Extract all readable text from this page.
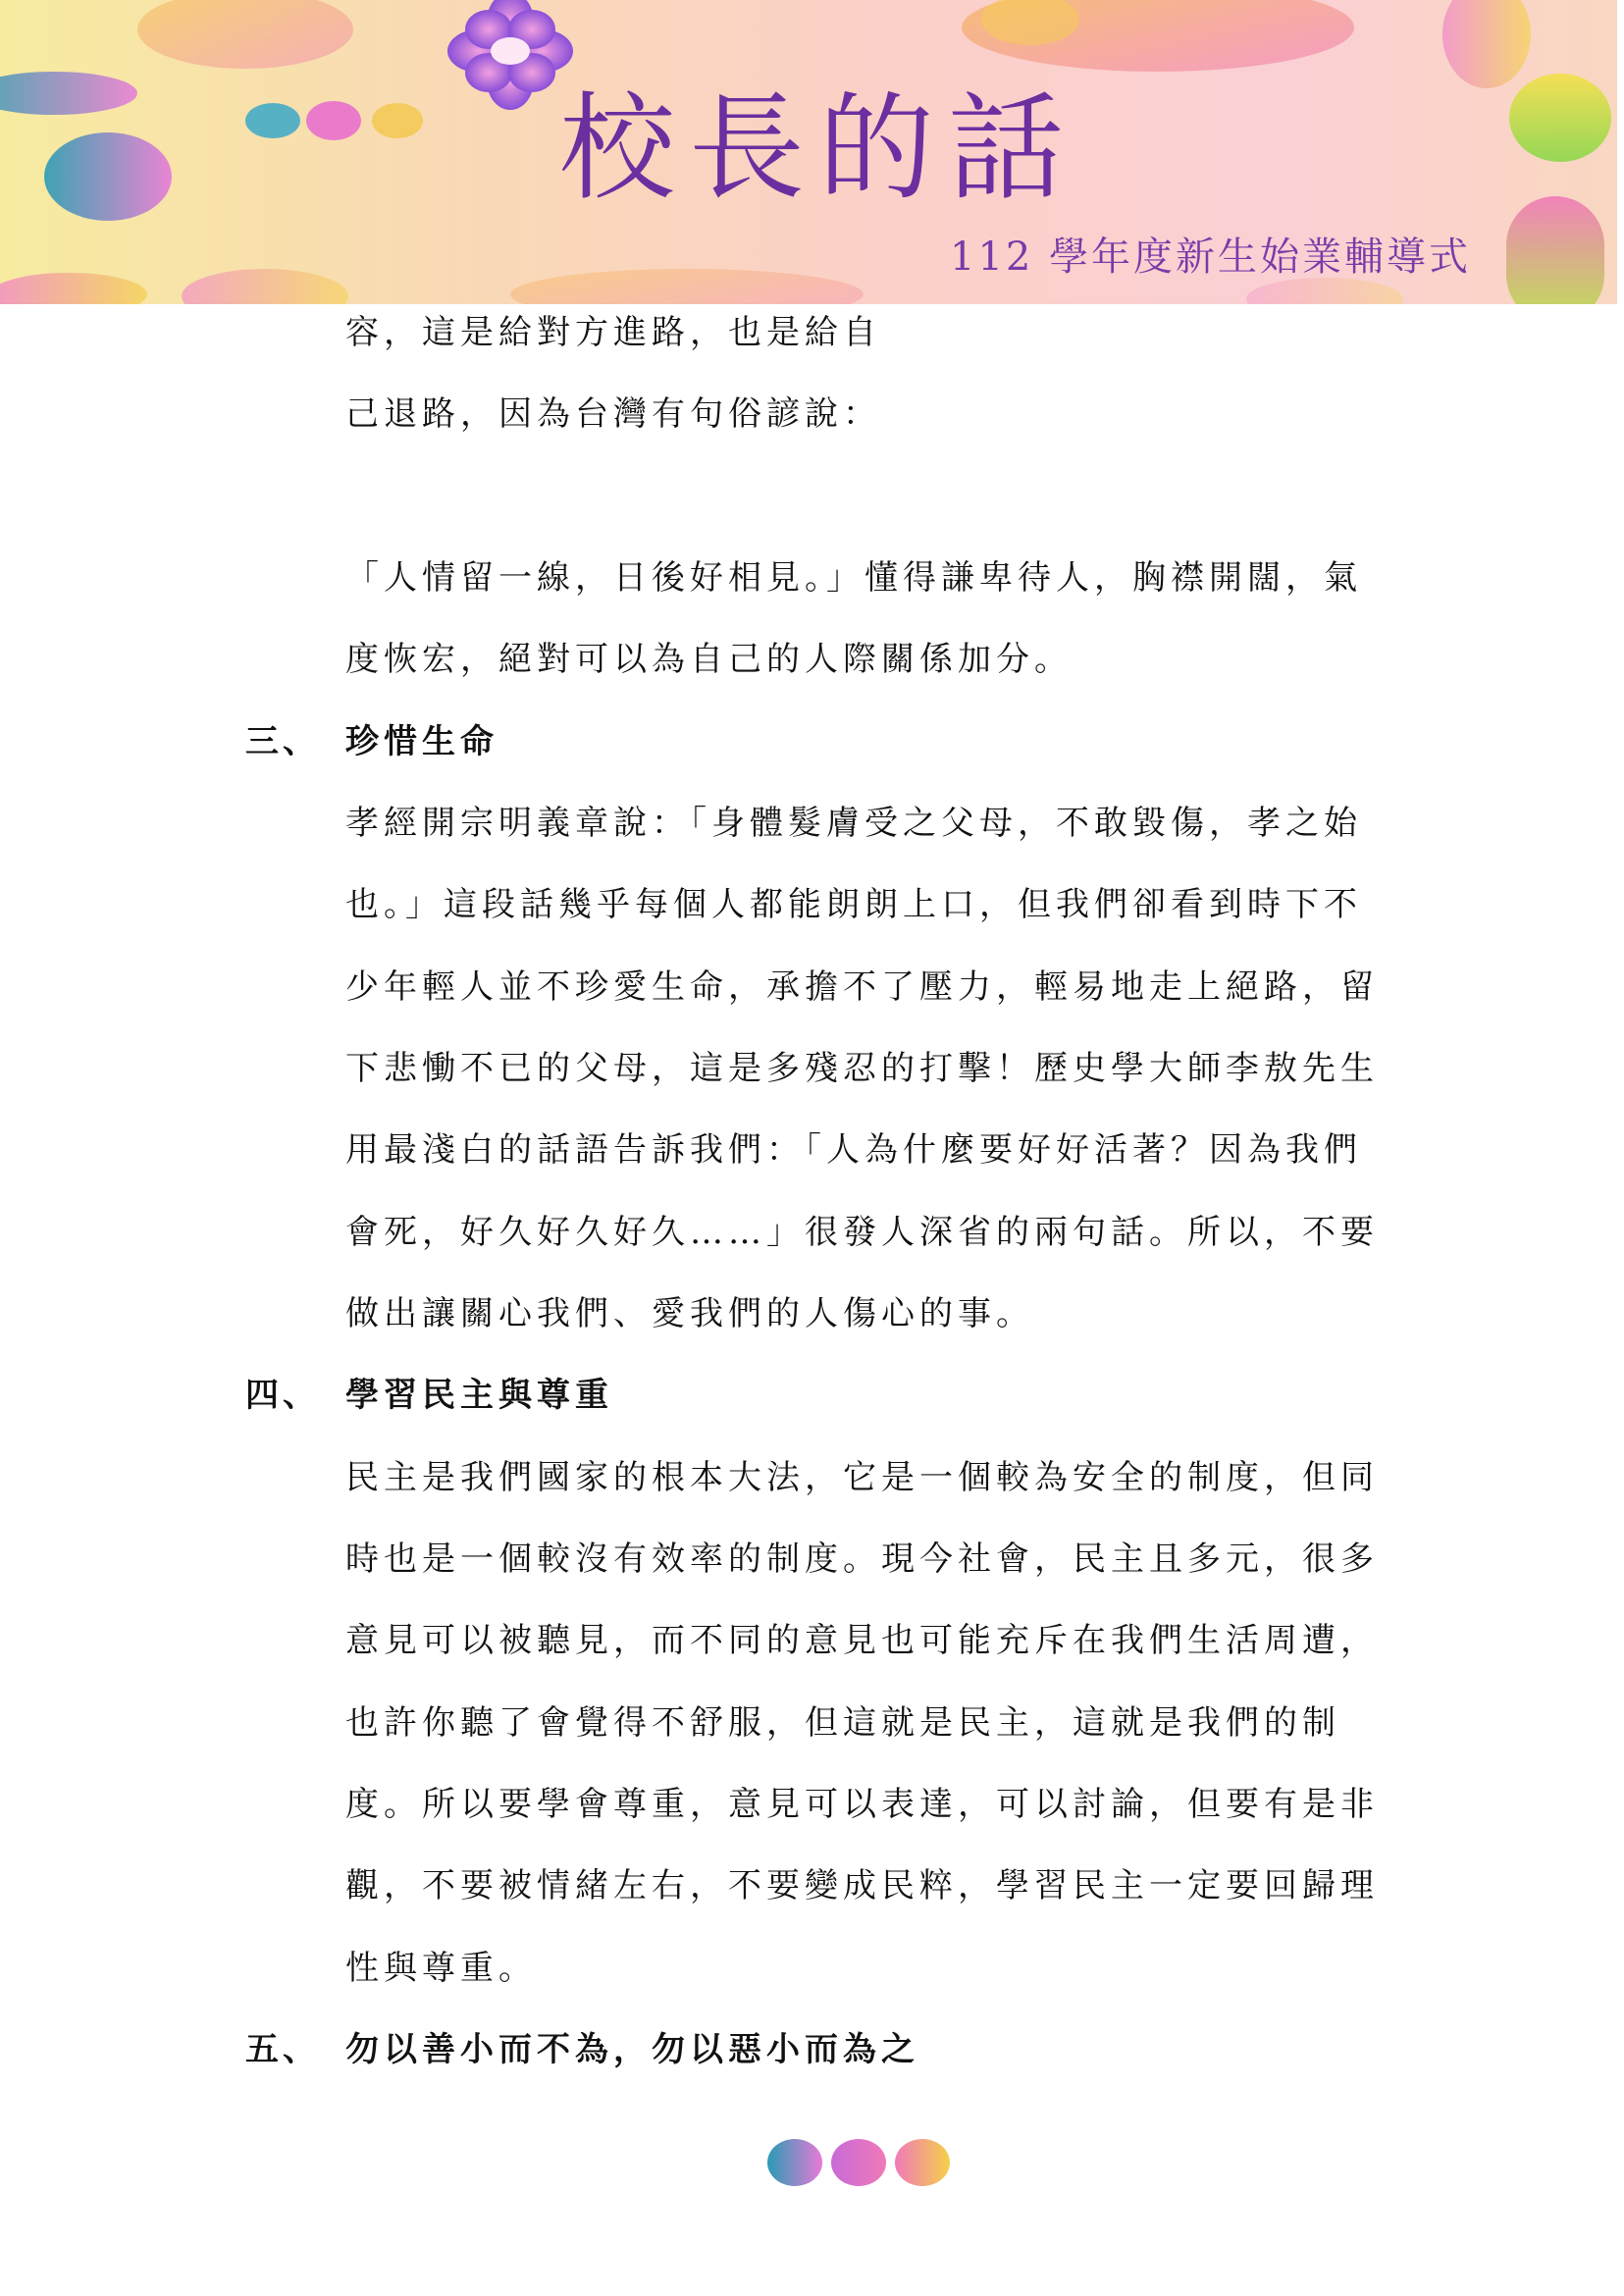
校長的話
112 學年度新生始業輔導式
容，這是給對方進路，也是給自
己退路，因為台灣有句俗諺說：
「人情留一線，日後好相見。」懂得謙卑待人，胸襟開闊，氣
度恢宏，絕對可以為自己的人際關係加分。
三、 珍惜生命
孝經開宗明義章說：「身體髮膚受之父母，不敢毀傷，孝之始
也。」這段話幾乎每個人都能朗朗上口，但我們卻看到時下不
少年輕人並不珍愛生命，承擔不了壓力，輕易地走上絕路，留
下悲慟不已的父母，這是多殘忍的打擊！歷史學大師李敖先生
用最淺白的話語告訴我們：「人為什麼要好好活著？因為我們
會死，好久好久好久……」很發人深省的兩句話。所以，不要
做出讓關心我們、愛我們的人傷心的事。
四、 學習民主與尊重
民主是我們國家的根本大法，它是一個較為安全的制度，但同
時也是一個較沒有效率的制度。現今社會，民主且多元，很多
意見可以被聽見，而不同的意見也可能充斥在我們生活周遭，
也許你聽了會覺得不舒服，但這就是民主，這就是我們的制
度。所以要學會尊重，意見可以表達，可以討論，但要有是非
觀，不要被情緒左右，不要變成民粹，學習民主一定要回歸理
性與尊重。
五、 勿以善小而不為，勿以惡小而為之
